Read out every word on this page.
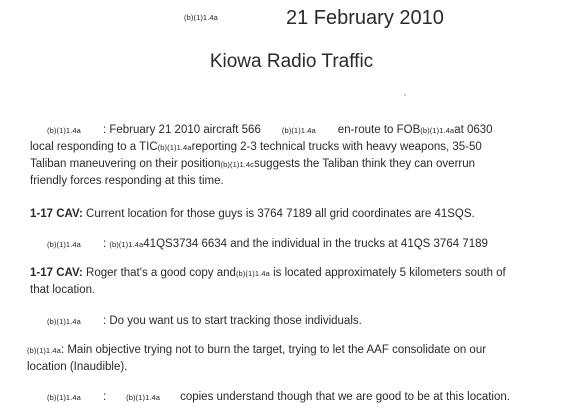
(b)(1)1.4a	21 February 2010
Kiowa Radio Traffic
(b)(1)1.4a : February 21 2010 aircraft 566	(b)(1)1.4a en-route to FOB(b)(1)1.4aat 0630
local responding to a TIC(b)(1)1.4areporting 2-3 technical trucks with heavy weapons, 35-50
Taliban maneuvering on their position(b)(1)1.4csuggests the Taliban think they can overrun
friendly forces responding at this time.
1-17 CAV: Current location for those guys is 3764 7189 all grid coordinates are 41SQS.
(b)(1)1.4a : (b)(1)1.4a41QS3734 6634 and the individual in the trucks at 41QS 3764 7189
1-17 CAV: Roger that's a good copy and(b)(1)1.4a is located approximately 5 kilometers south of
that location.
(b)(1)1.4a : Do you want us to start tracking those individuals.
(b)(1)1.4a: Main objective trying not to burn the target, trying to let the AAF consolidate on our
location (Inaudible).
(b)(1)1.4a :	(b)(1)1.4a copies understand though that we are good to be at this location.
